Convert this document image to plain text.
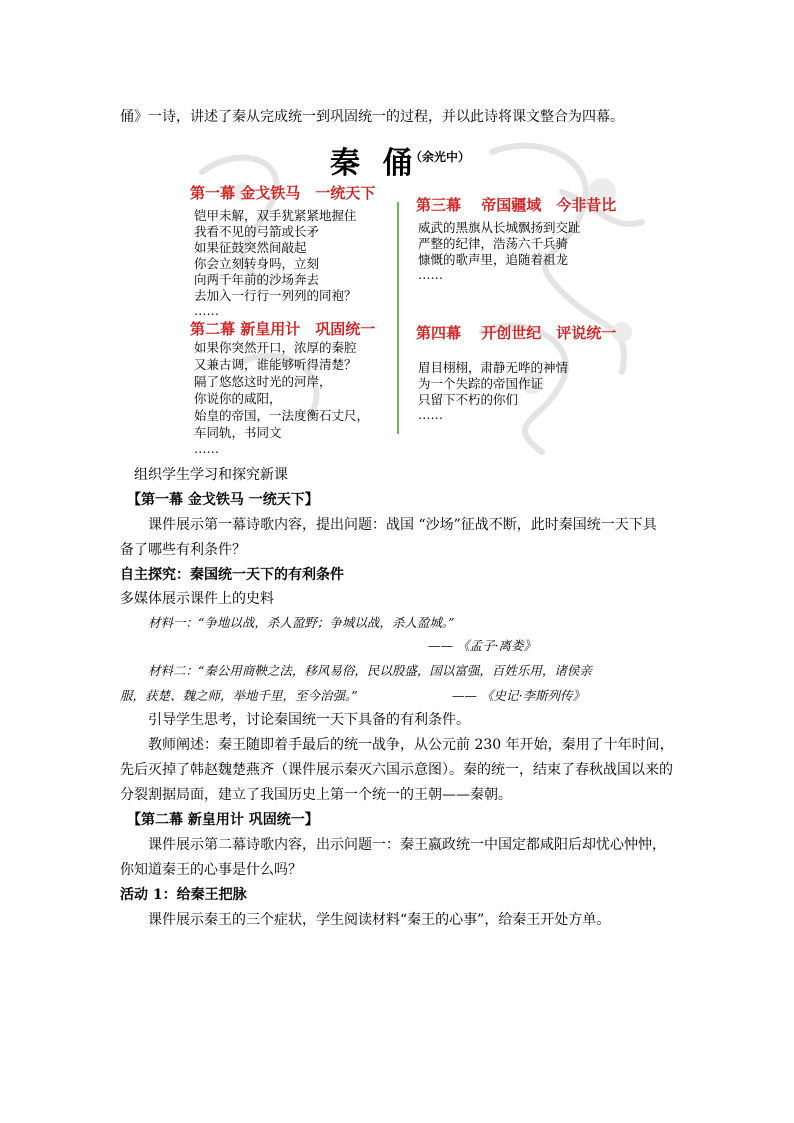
俑》一诗，讲述了秦从完成统一到巩固统一的过程，并以此诗将课文整合为四幕。
秦 俑
（余光中）
第一幕 金戈铁马　一统天下
铠甲未解，双手犹紧紧地握住
我看不见的弓箭或长矛
如果征鼓突然间敲起
你会立刻转身吗，立刻
向两千年前的沙场奔去
去加入一行行一列列的同袍？
……
第二幕 新皇用计　巩固统一
如果你突然开口，浓厚的秦腔
又兼古调，谁能够听得清楚？
隔了悠悠这时光的河岸，
你说你的咸阳，
始皇的帝国，一法度衡石丈尺，
车同轨，书同文
……
第三幕　 帝国疆域　今非昔比
威武的黑旗从长城飘扬到交趾
严整的纪律，浩荡六千兵骑
慷慨的歌声里，追随着祖龙
……
第四幕　 开创世纪　评说统一
眉目栩栩，肃静无哗的神情
为一个失踪的帝国作证
只留下不朽的你们
……
组织学生学习和探究新课
【第一幕 金戈铁马 一统天下】
课件展示第一幕诗歌内容，提出问题：战国 “沙场”征战不断，此时秦国统一天下具
备了哪些有利条件？
自主探究：秦国统一天下的有利条件
多媒体展示课件上的史料
材料一：“争地以战，杀人盈野；争城以战，杀人盈城。”
—— 《孟子·离娄》
材料二：“秦公用商鞅之法，移风易俗，民以殷盛，国以富强，百姓乐用，诸侯亲
服，获楚、魏之师，举地千里，至今治强。”	—— 《史记·李斯列传》
引导学生思考，讨论秦国统一天下具备的有利条件。
教师阐述：秦王随即着手最后的统一战争，从公元前 230 年开始，秦用了十年时间，
先后灭掉了韩赵魏楚燕齐（课件展示秦灭六国示意图）。秦的统一，结束了春秋战国以来的
分裂割据局面，建立了我国历史上第一个统一的王朝——秦朝。
【第二幕 新皇用计 巩固统一】
课件展示第二幕诗歌内容，出示问题一：秦王嬴政统一中国定都咸阳后却忧心忡忡，
你知道秦王的心事是什么吗？
活动 1：给秦王把脉
课件展示秦王的三个症状，学生阅读材料“秦王的心事”，给秦王开处方单。
